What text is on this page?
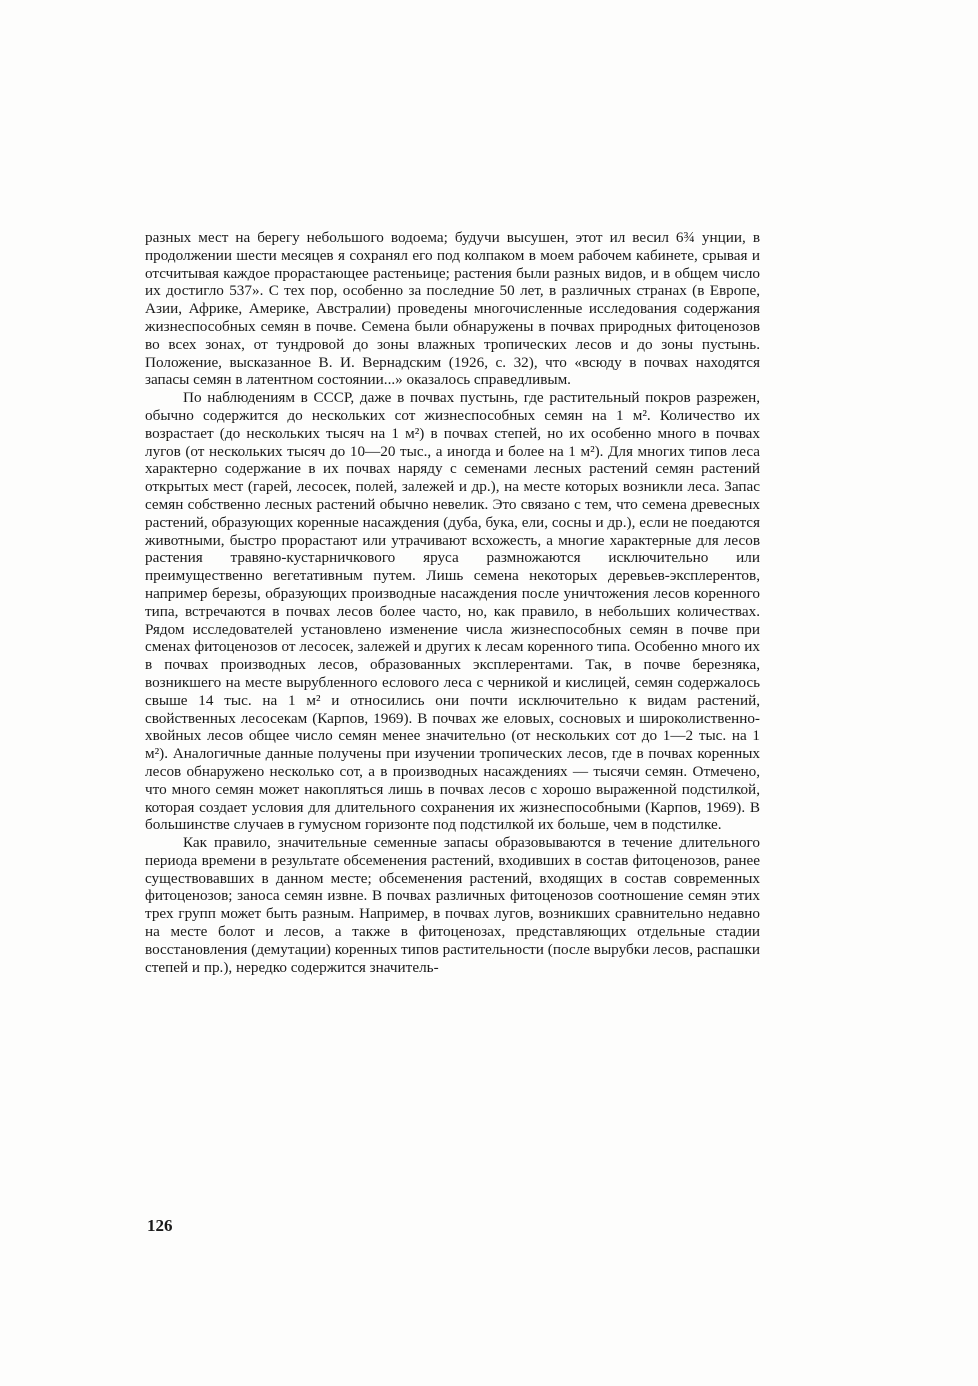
разных мест на берегу небольшого водоема; будучи высушен, этот ил весил 6¾ унции, в продолжении шести месяцев я сохранял его под колпаком в моем рабочем кабинете, срывая и отсчитывая каждое прорастающее растеньице; растения были разных видов, и в общем число их достигло 537». С тех пор, особенно за последние 50 лет, в различных странах (в Европе, Азии, Африке, Америке, Австралии) проведены многочисленные исследования содержания жизнеспособных семян в почве. Семена были обнаружены в почвах природных фитоценозов во всех зонах, от тундровой до зоны влажных тропических лесов и до зоны пустынь. Положение, высказанное В. И. Вернадским (1926, с. 32), что «всюду в почвах находятся запасы семян в латентном состоянии...» оказалось справедливым.

По наблюдениям в СССР, даже в почвах пустынь, где растительный покров разрежен, обычно содержится до нескольких сот жизнеспособных семян на 1 м². Количество их возрастает (до нескольких тысяч на 1 м²) в почвах степей, но их особенно много в почвах лугов (от нескольких тысяч до 10—20 тыс., а иногда и более на 1 м²). Для многих типов леса характерно содержание в их почвах наряду с семенами лесных растений семян растений открытых мест (гарей, лесосек, полей, залежей и др.), на месте которых возникли леса. Запас семян собственно лесных растений обычно невелик. Это связано с тем, что семена древесных растений, образующих коренные насаждения (дуба, бука, ели, сосны и др.), если не поедаются животными, быстро прорастают или утрачивают всхожесть, а многие характерные для лесов растения травяно-кустарничкового яруса размножаются исключительно или преимущественно вегетативным путем. Лишь семена некоторых деревьев-эксплерентов, например березы, образующих производные насаждения после уничтожения лесов коренного типа, встречаются в почвах лесов более часто, но, как правило, в небольших количествах. Рядом исследователей установлено изменение числа жизнеспособных семян в почве при сменах фитоценозов от лесосек, залежей и других к лесам коренного типа. Особенно много их в почвах производных лесов, образованных эксплерентами. Так, в почве березняка, возникшего на месте вырубленного еслового леса с черникой и кислицей, семян содержалось свыше 14 тыс. на 1 м² и относились они почти исключительно к видам растений, свойственных лесосекам (Карпов, 1969). В почвах же еловых, сосновых и широколиственно-хвойных лесов общее число семян менее значительно (от нескольких сот до 1—2 тыс. на 1 м²). Аналогичные данные получены при изучении тропических лесов, где в почвах коренных лесов обнаружено несколько сот, а в производных насаждениях — тысячи семян. Отмечено, что много семян может накопляться лишь в почвах лесов с хорошо выраженной подстилкой, которая создает условия для длительного сохранения их жизнеспособными (Карпов, 1969). В большинстве случаев в гумусном горизонте под подстилкой их больше, чем в подстилке.

Как правило, значительные семенные запасы образовываются в течение длительного периода времени в результате обсеменения растений, входивших в состав фитоценозов, ранее существовавших в данном месте; обсеменения растений, входящих в состав современных фитоценозов; заноса семян извне. В почвах различных фитоценозов соотношение семян этих трех групп может быть разным. Например, в почвах лугов, возникших сравнительно недавно на месте болот и лесов, а также в фитоценозах, представляющих отдельные стадии восстановления (демутации) коренных типов растительности (после вырубки лесов, распашки степей и пр.), нередко содержится значитель-

126
